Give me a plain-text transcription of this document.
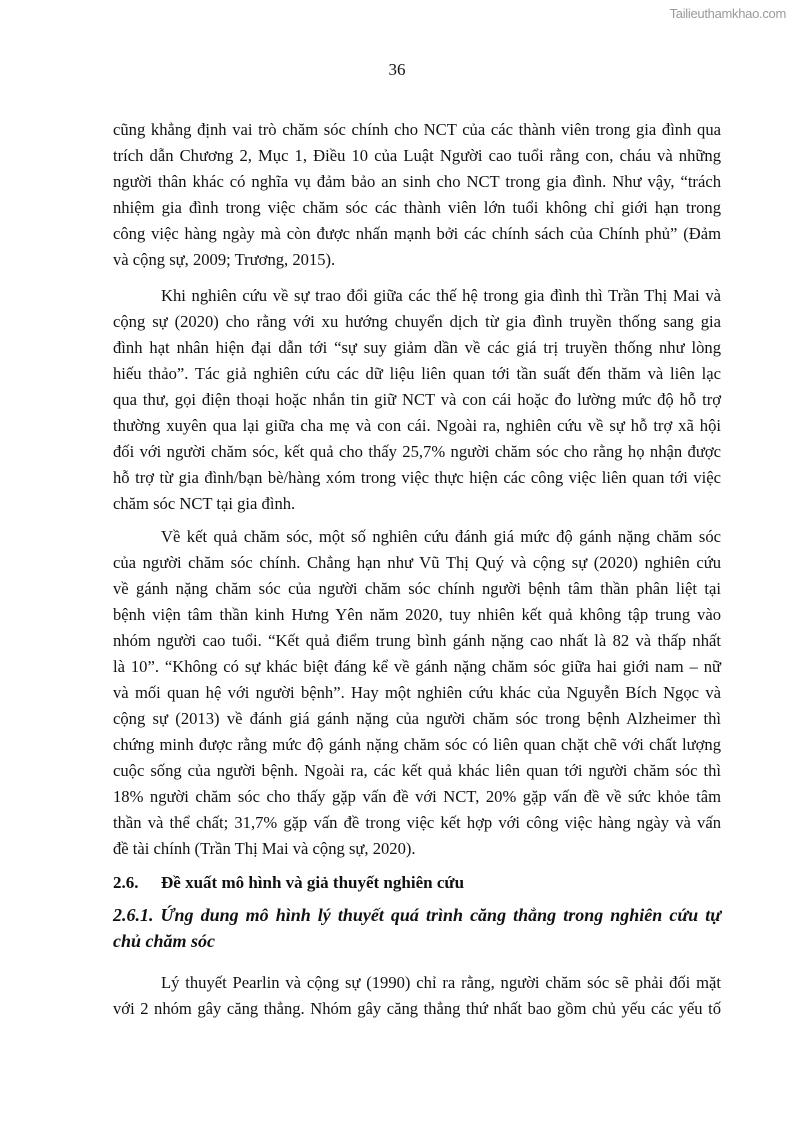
Tailieuthamkhao.com
36
cũng khẳng định vai trò chăm sóc chính cho NCT của các thành viên trong gia đình qua
trích dẫn Chương 2, Mục 1, Điều 10 của Luật Người cao tuổi rằng con, cháu và những
người thân khác có nghĩa vụ đảm bảo an sinh cho NCT trong gia đình. Như vậy, “trách
nhiệm gia đình trong việc chăm sóc các thành viên lớn tuổi không chỉ giới hạn trong
công việc hàng ngày mà còn được nhấn mạnh bởi các chính sách của Chính phủ” (Đảm
và cộng sự, 2009; Trương, 2015).
Khi nghiên cứu về sự trao đổi giữa các thế hệ trong gia đình thì Trần Thị Mai và
cộng sự (2020) cho rằng với xu hướng chuyển dịch từ gia đình truyền thống sang gia
đình hạt nhân hiện đại dẫn tới “sự suy giảm dần về các giá trị truyền thống như lòng
hiếu thảo”. Tác giả nghiên cứu các dữ liệu liên quan tới tần suất đến thăm và liên lạc
qua thư, gọi điện thoại hoặc nhắn tin giữ NCT và con cái hoặc đo lường mức độ hỗ trợ
thường xuyên qua lại giữa cha mẹ và con cái. Ngoài ra, nghiên cứu về sự hỗ trợ xã hội
đối với người chăm sóc, kết quả cho thấy 25,7% người chăm sóc cho rằng họ nhận được
hỗ trợ từ gia đình/bạn bè/hàng xóm trong việc thực hiện các công việc liên quan tới việc
chăm sóc NCT tại gia đình.
Về kết quả chăm sóc, một số nghiên cứu đánh giá mức độ gánh nặng chăm sóc
của người chăm sóc chính. Chẳng hạn như Vũ Thị Quý và cộng sự (2020) nghiên cứu
về gánh nặng chăm sóc của người chăm sóc chính người bệnh tâm thần phân liệt tại
bệnh viện tâm thần kinh Hưng Yên năm 2020, tuy nhiên kết quả không tập trung vào
nhóm người cao tuổi. “Kết quả điểm trung bình gánh nặng cao nhất là 82 và thấp nhất
là 10”. “Không có sự khác biệt đáng kể về gánh nặng chăm sóc giữa hai giới nam – nữ
và mối quan hệ với người bệnh”. Hay một nghiên cứu khác của Nguyễn Bích Ngọc và
cộng sự (2013) về đánh giá gánh nặng của người chăm sóc trong bệnh Alzheimer thì
chứng minh được rằng mức độ gánh nặng chăm sóc có liên quan chặt chẽ với chất lượng
cuộc sống của người bệnh. Ngoài ra, các kết quả khác liên quan tới người chăm sóc thì
18% người chăm sóc cho thấy gặp vấn đề với NCT, 20% gặp vấn đề về sức khỏe tâm
thần và thể chất; 31,7% gặp vấn đề trong việc kết hợp với công việc hàng ngày và vấn
đề tài chính (Trần Thị Mai và cộng sự, 2020).
2.6. Đề xuất mô hình và giả thuyết nghiên cứu
2.6.1. Ứng dung mô hình lý thuyết quá trình căng thẳng trong nghiên cứu tự
chủ chăm sóc
Lý thuyết Pearlin và cộng sự (1990) chỉ ra rằng, người chăm sóc sẽ phải đối mặt
với 2 nhóm gây căng thẳng. Nhóm gây căng thẳng thứ nhất bao gồm chủ yếu các yếu tố
